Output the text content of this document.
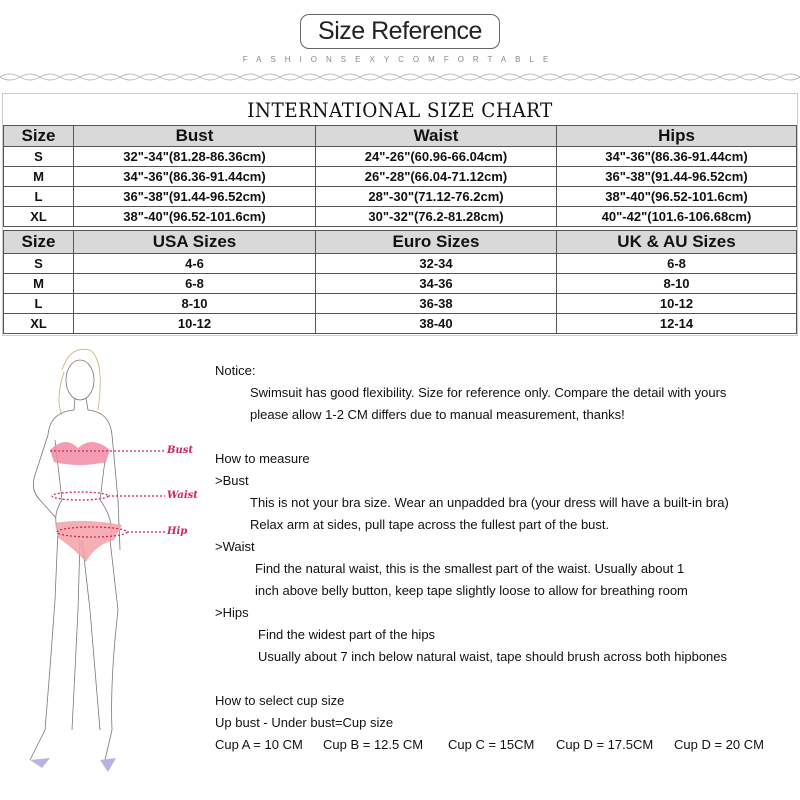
Size Reference
FASHIONSEXYCOMFORTABLE
INTERNATIONAL SIZE CHART
Size	Bust	Waist	Hips
S	32"-34"(81.28-86.36cm)	24"-26"(60.96-66.04cm)	34"-36"(86.36-91.44cm)
M	34"-36"(86.36-91.44cm)	26"-28"(66.04-71.12cm)	36"-38"(91.44-96.52cm)
L	36"-38"(91.44-96.52cm)	28"-30"(71.12-76.2cm)	38"-40"(96.52-101.6cm)
XL	38"-40"(96.52-101.6cm)	30"-32"(76.2-81.28cm)	40"-42"(101.6-106.68cm)
Size	USA Sizes	Euro Sizes	UK & AU Sizes
S	4-6	32-34	6-8
M	6-8	34-36	8-10
L	8-10	36-38	10-12
XL	10-12	38-40	12-14
Bust
Waist
Hip
Notice:
Swimsuit has good flexibility. Size for reference only. Compare the detail with yours
please allow 1-2 CM differs due to manual measurement, thanks!
How to measure
>Bust
This is not your bra size. Wear an unpadded bra (your dress will have a built-in bra)
Relax arm at sides, pull tape across the fullest part of the bust.
>Waist
Find the natural waist, this is the smallest part of the waist. Usually about 1
inch above belly button, keep tape slightly loose to allow for breathing room
>Hips
Find the widest part of the hips
Usually about 7 inch below natural waist, tape should brush across both hipbones
How to select cup size
Up bust - Under bust=Cup size
Cup A = 10 CM	Cup B = 12.5 CM	Cup C = 15CM	Cup D = 17.5CM	Cup D = 20 CM
